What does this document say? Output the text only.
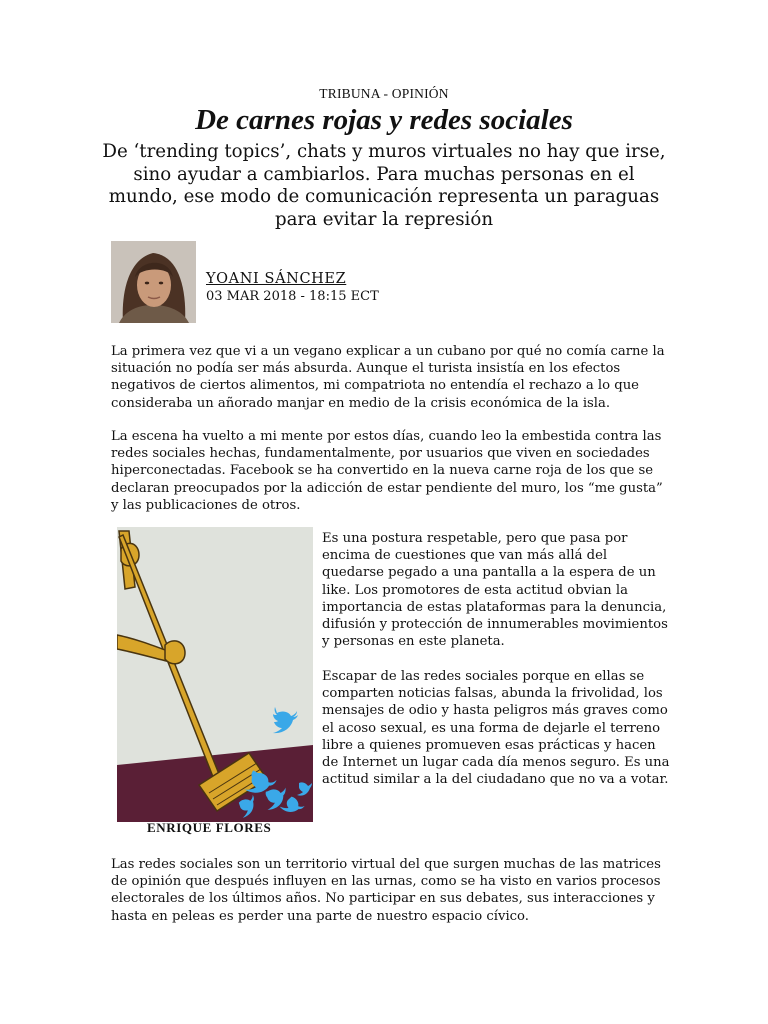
TRIBUNA - OPINIÓN
De carnes rojas y redes sociales

De ‘trending topics’, chats y muros virtuales no hay que irse, sino ayudar a cambiarlos. Para muchas personas en el mundo, ese modo de comunicación representa un paraguas para evitar la represión

YOANI SÁNCHEZ
03 MAR 2018 - 18:15 ECT

La primera vez que vi a un vegano explicar a un cubano por qué no comía carne la situación no podía ser más absurda. Aunque el turista insistía en los efectos negativos de ciertos alimentos, mi compatriota no entendía el rechazo a lo que consideraba un añorado manjar en medio de la crisis económica de la isla.

La escena ha vuelto a mi mente por estos días, cuando leo la embestida contra las redes sociales hechas, fundamentalmente, por usuarios que viven en sociedades hiperconectadas. Facebook se ha convertido en la nueva carne roja de los que se declaran preocupados por la adicción de estar pendiente del muro, los “me gusta” y las publicaciones de otros.

ENRIQUE FLORES

Es una postura respetable, pero que pasa por encima de cuestiones que van más allá del quedarse pegado a una pantalla a la espera de un like. Los promotores de esta actitud obvian la importancia de estas plataformas para la denuncia, difusión y protección de innumerables movimientos y personas en este planeta.

Escapar de las redes sociales porque en ellas se comparten noticias falsas, abunda la frivolidad, los mensajes de odio y hasta peligros más graves como el acoso sexual, es una forma de dejarle el terreno libre a quienes promueven esas prácticas y hacen de Internet un lugar cada día menos seguro. Es una actitud similar a la del ciudadano que no va a votar.

Las redes sociales son un territorio virtual del que surgen muchas de las matrices de opinión que después influyen en las urnas, como se ha visto en varios procesos electorales de los últimos años. No participar en sus debates, sus interacciones y hasta en peleas es perder una parte de nuestro espacio cívico.
